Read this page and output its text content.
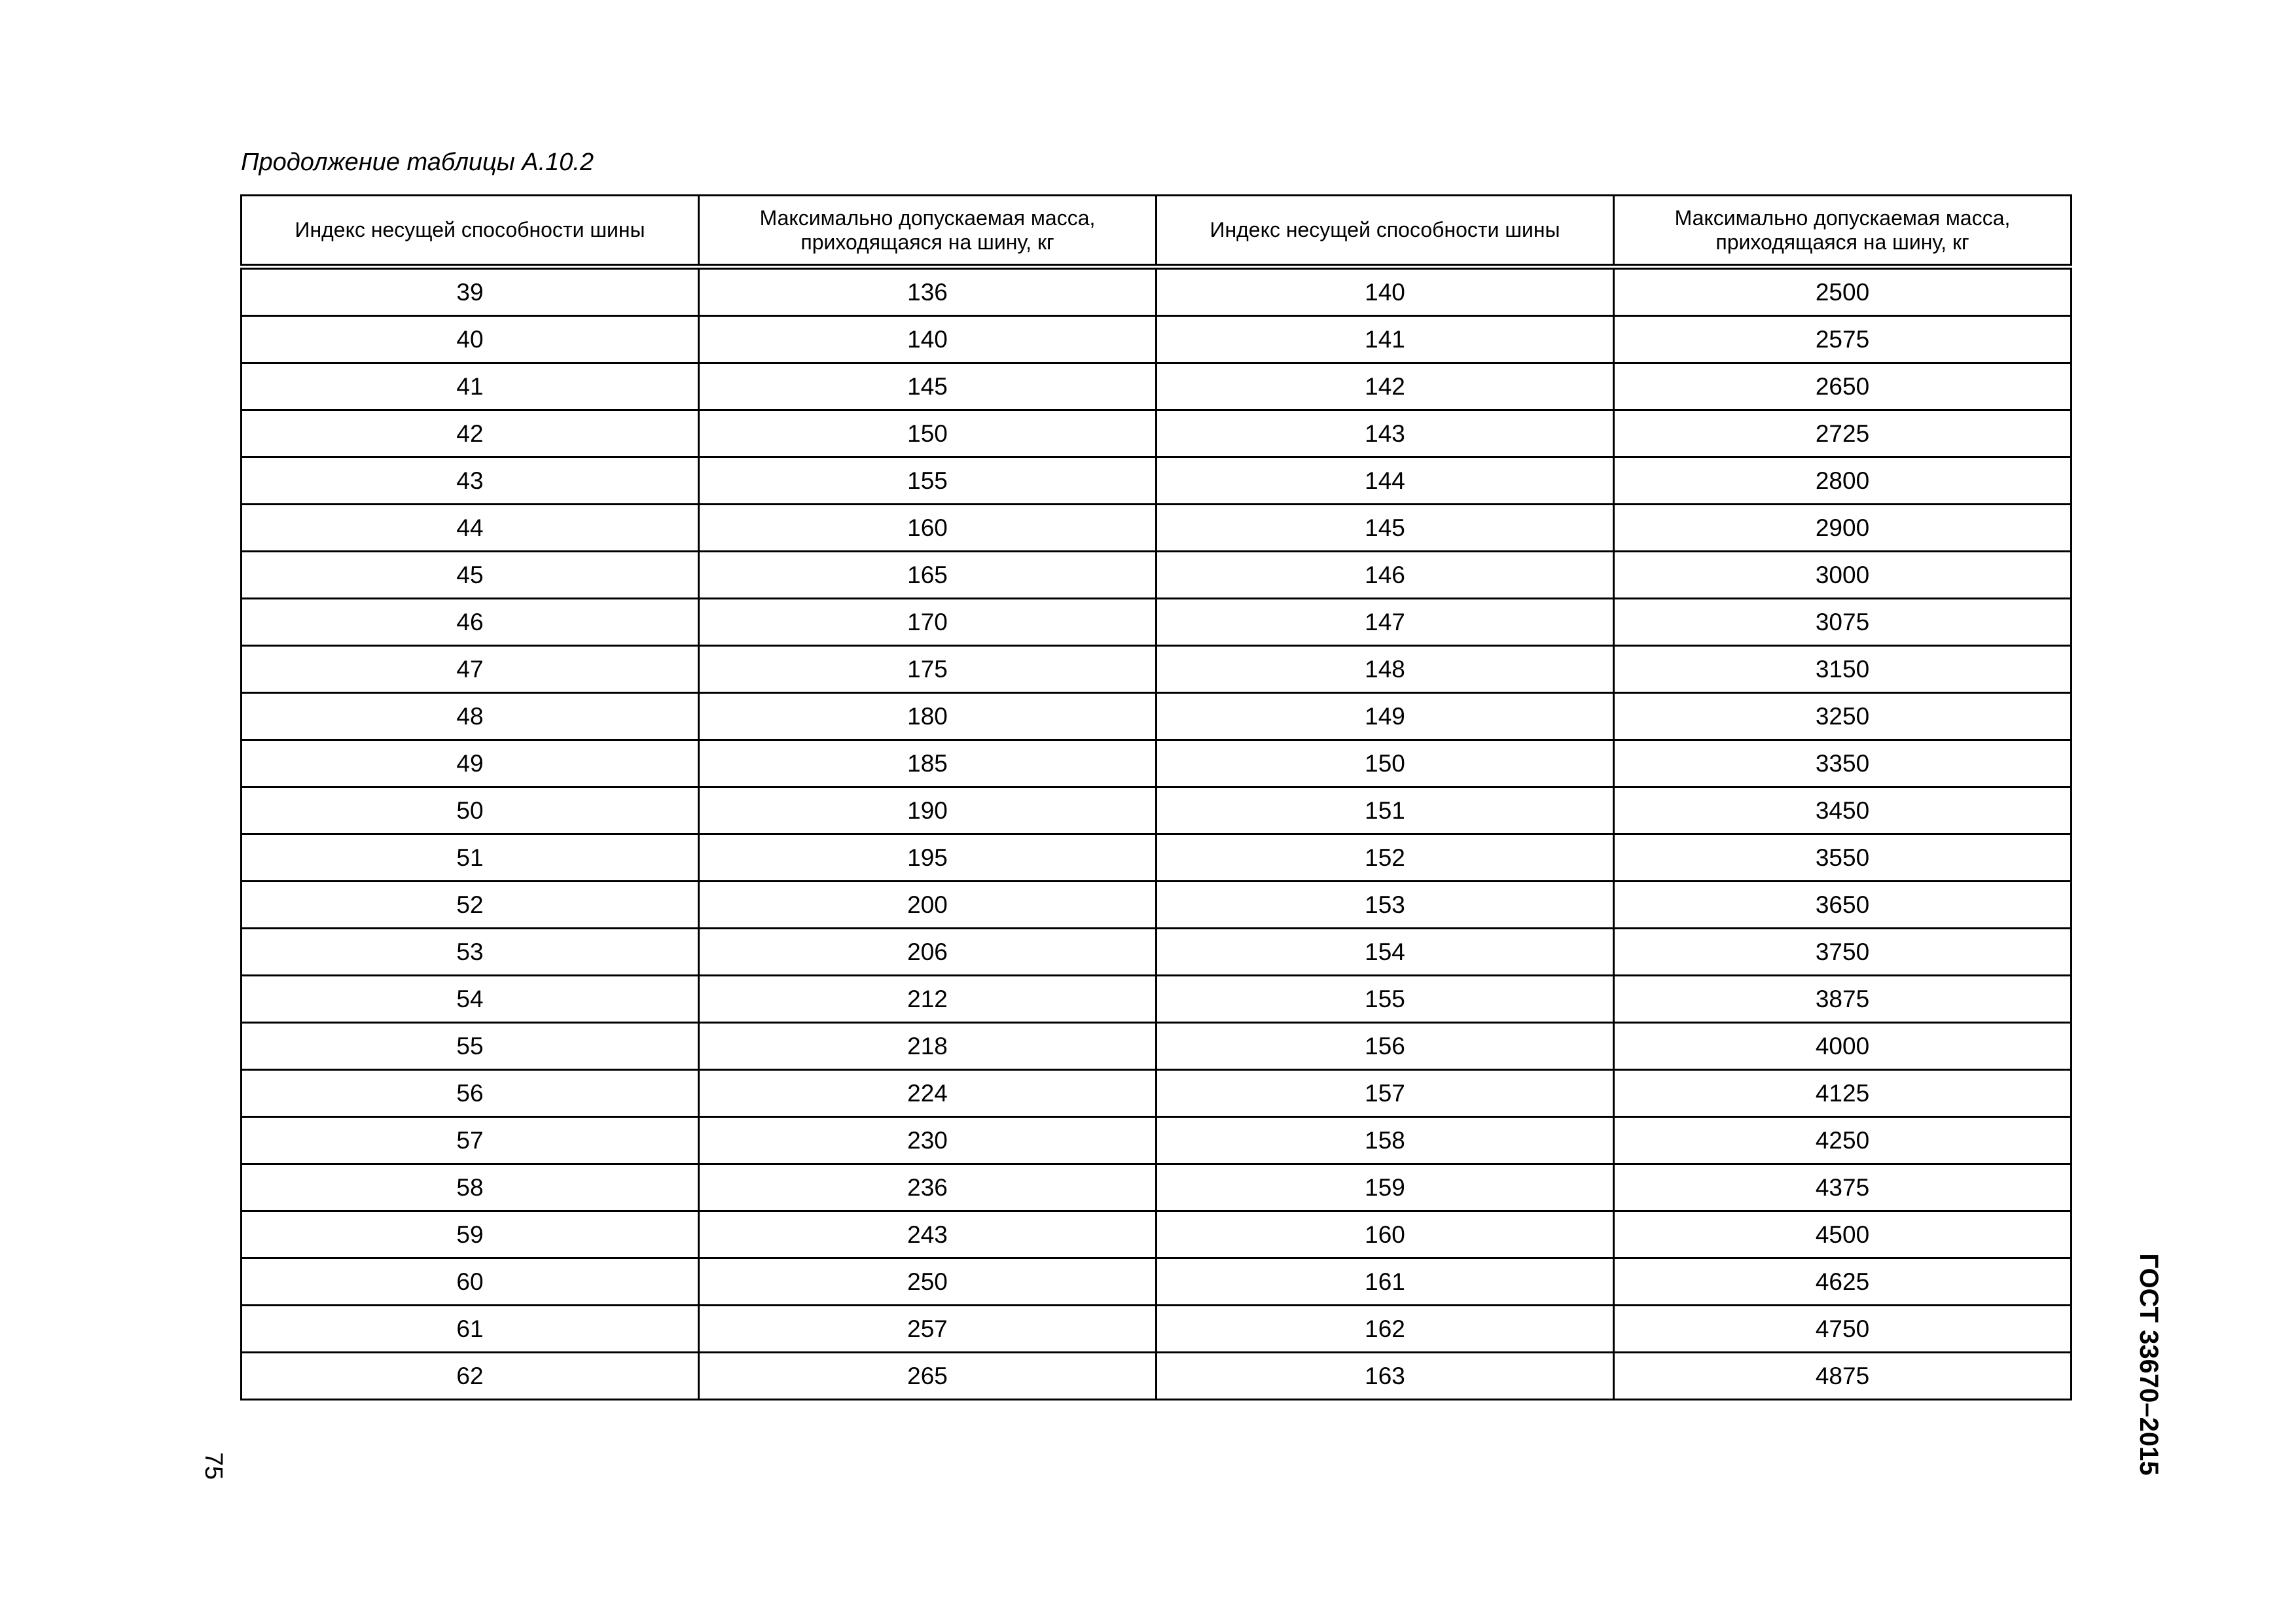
Продолжение таблицы А.10.2
Индекс несущей способности шины	Максимально допускаемая масса, приходящаяся на шину, кг	Индекс несущей способности шины	Максимально допускаемая масса, приходящаяся на шину, кг
39	136	140	2500
40	140	141	2575
41	145	142	2650
42	150	143	2725
43	155	144	2800
44	160	145	2900
45	165	146	3000
46	170	147	3075
47	175	148	3150
48	180	149	3250
49	185	150	3350
50	190	151	3450
51	195	152	3550
52	200	153	3650
53	206	154	3750
54	212	155	3875
55	218	156	4000
56	224	157	4125
57	230	158	4250
58	236	159	4375
59	243	160	4500
60	250	161	4625
61	257	162	4750
62	265	163	4875
75	ГОСТ 33670–2015
